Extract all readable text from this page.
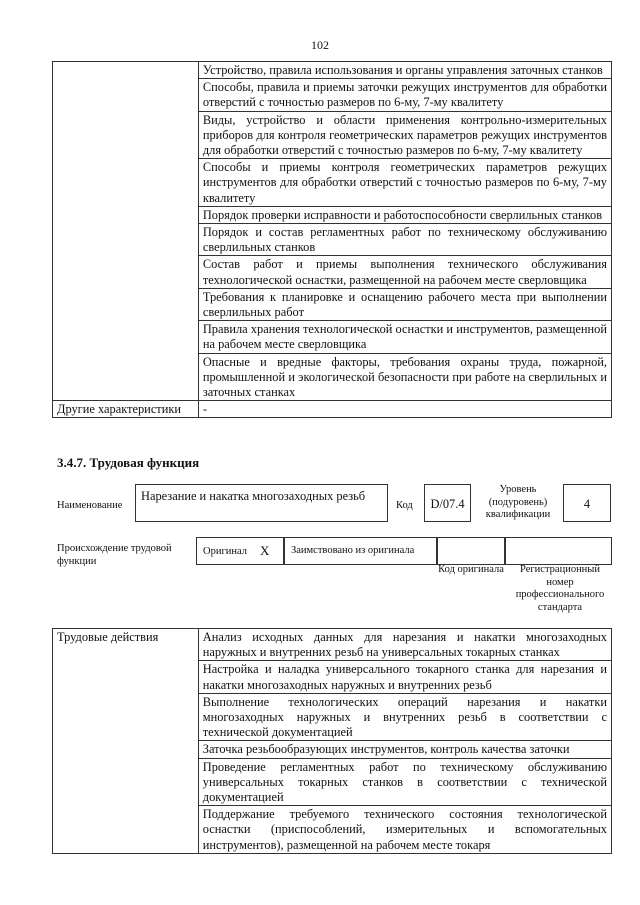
102
	Устройство, правила использования и органы управления заточных станков
	Способы, правила и приемы заточки режущих инструментов для обработки отверстий с точностью размеров по 6-му, 7-му квалитету
	Виды, устройство и области применения контрольно-измерительных приборов для контроля геометрических параметров режущих инструментов для обработки отверстий с точностью размеров по 6-му, 7-му квалитету
	Способы и приемы контроля геометрических параметров режущих инструментов для обработки отверстий с точностью размеров по 6-му, 7-му квалитету
	Порядок проверки исправности и работоспособности сверлильных станков
	Порядок и состав регламентных работ по техническому обслуживанию сверлильных станков
	Состав работ и приемы выполнения технического обслуживания технологической оснастки, размещенной на рабочем месте сверловщика
	Требования к планировке и оснащению рабочего места при выполнении сверлильных работ
	Правила хранения технологической оснастки и инструментов, размещенной на рабочем месте сверловщика
	Опасные и вредные факторы, требования охраны труда, пожарной, промышленной и экологической безопасности при работе на сверлильных и заточных станках
Другие характеристики	-
3.4.7. Трудовая функция
Наименование
Нарезание и накатка многозаходных резьб
Код	D/07.4
Уровень (подуровень) квалификации
4
Происхождение трудовой функции
Оригинал X Заимствовано из оригинала
Код оригинала	Регистрационный номер профессионального стандарта
Трудовые действия	Анализ исходных данных для нарезания и накатки многозаходных наружных и внутренних резьб на универсальных токарных станках
Настройка и наладка универсального токарного станка для нарезания и накатки многозаходных наружных и внутренних резьб
Выполнение технологических операций нарезания и накатки многозаходных наружных и внутренних резьб в соответствии с технической документацией
Заточка резьбообразующих инструментов, контроль качества заточки
Проведение регламентных работ по техническому обслуживанию универсальных токарных станков в соответствии с технической документацией
Поддержание требуемого технического состояния технологической оснастки (приспособлений, измерительных и вспомогательных инструментов), размещенной на рабочем месте токаря
